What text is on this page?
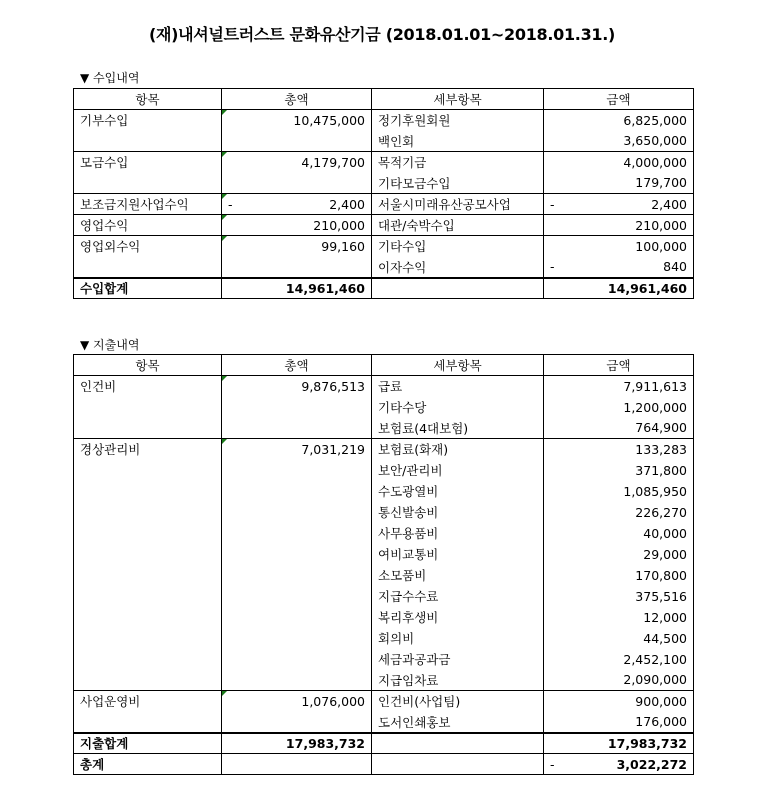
(재)내셔널트러스트 문화유산기금 (2018.01.01~2018.01.31.)
▼ 수입내역
항목	총액	세부항목	금액
기부수입	10,475,000	정기후원회원	6,825,000
		백인회	3,650,000
모금수입	4,179,700	목적기금	4,000,000
		기타모금수입	179,700
보조금지원사업수익	- 2,400	서울시미래유산공모사업	- 2,400
영업수익	210,000	대관/숙박수입	210,000
영업외수익	99,160	기타수입	100,000
		이자수익	- 840
수입합계	14,961,460		14,961,460
▼ 지출내역
항목	총액	세부항목	금액
인건비	9,876,513	급료	7,911,613
		기타수당	1,200,000
		보험료(4대보험)	764,900
경상관리비	7,031,219	보험료(화재)	133,283
		보안/관리비	371,800
		수도광열비	1,085,950
		통신발송비	226,270
		사무용품비	40,000
		여비교통비	29,000
		소모품비	170,800
		지급수수료	375,516
		복리후생비	12,000
		회의비	44,500
		세금과공과금	2,452,100
		지급임차료	2,090,000
사업운영비	1,076,000	인건비(사업팀)	900,000
		도서인쇄홍보	176,000
지출합계	17,983,732		17,983,732
총계			- 3,022,272
